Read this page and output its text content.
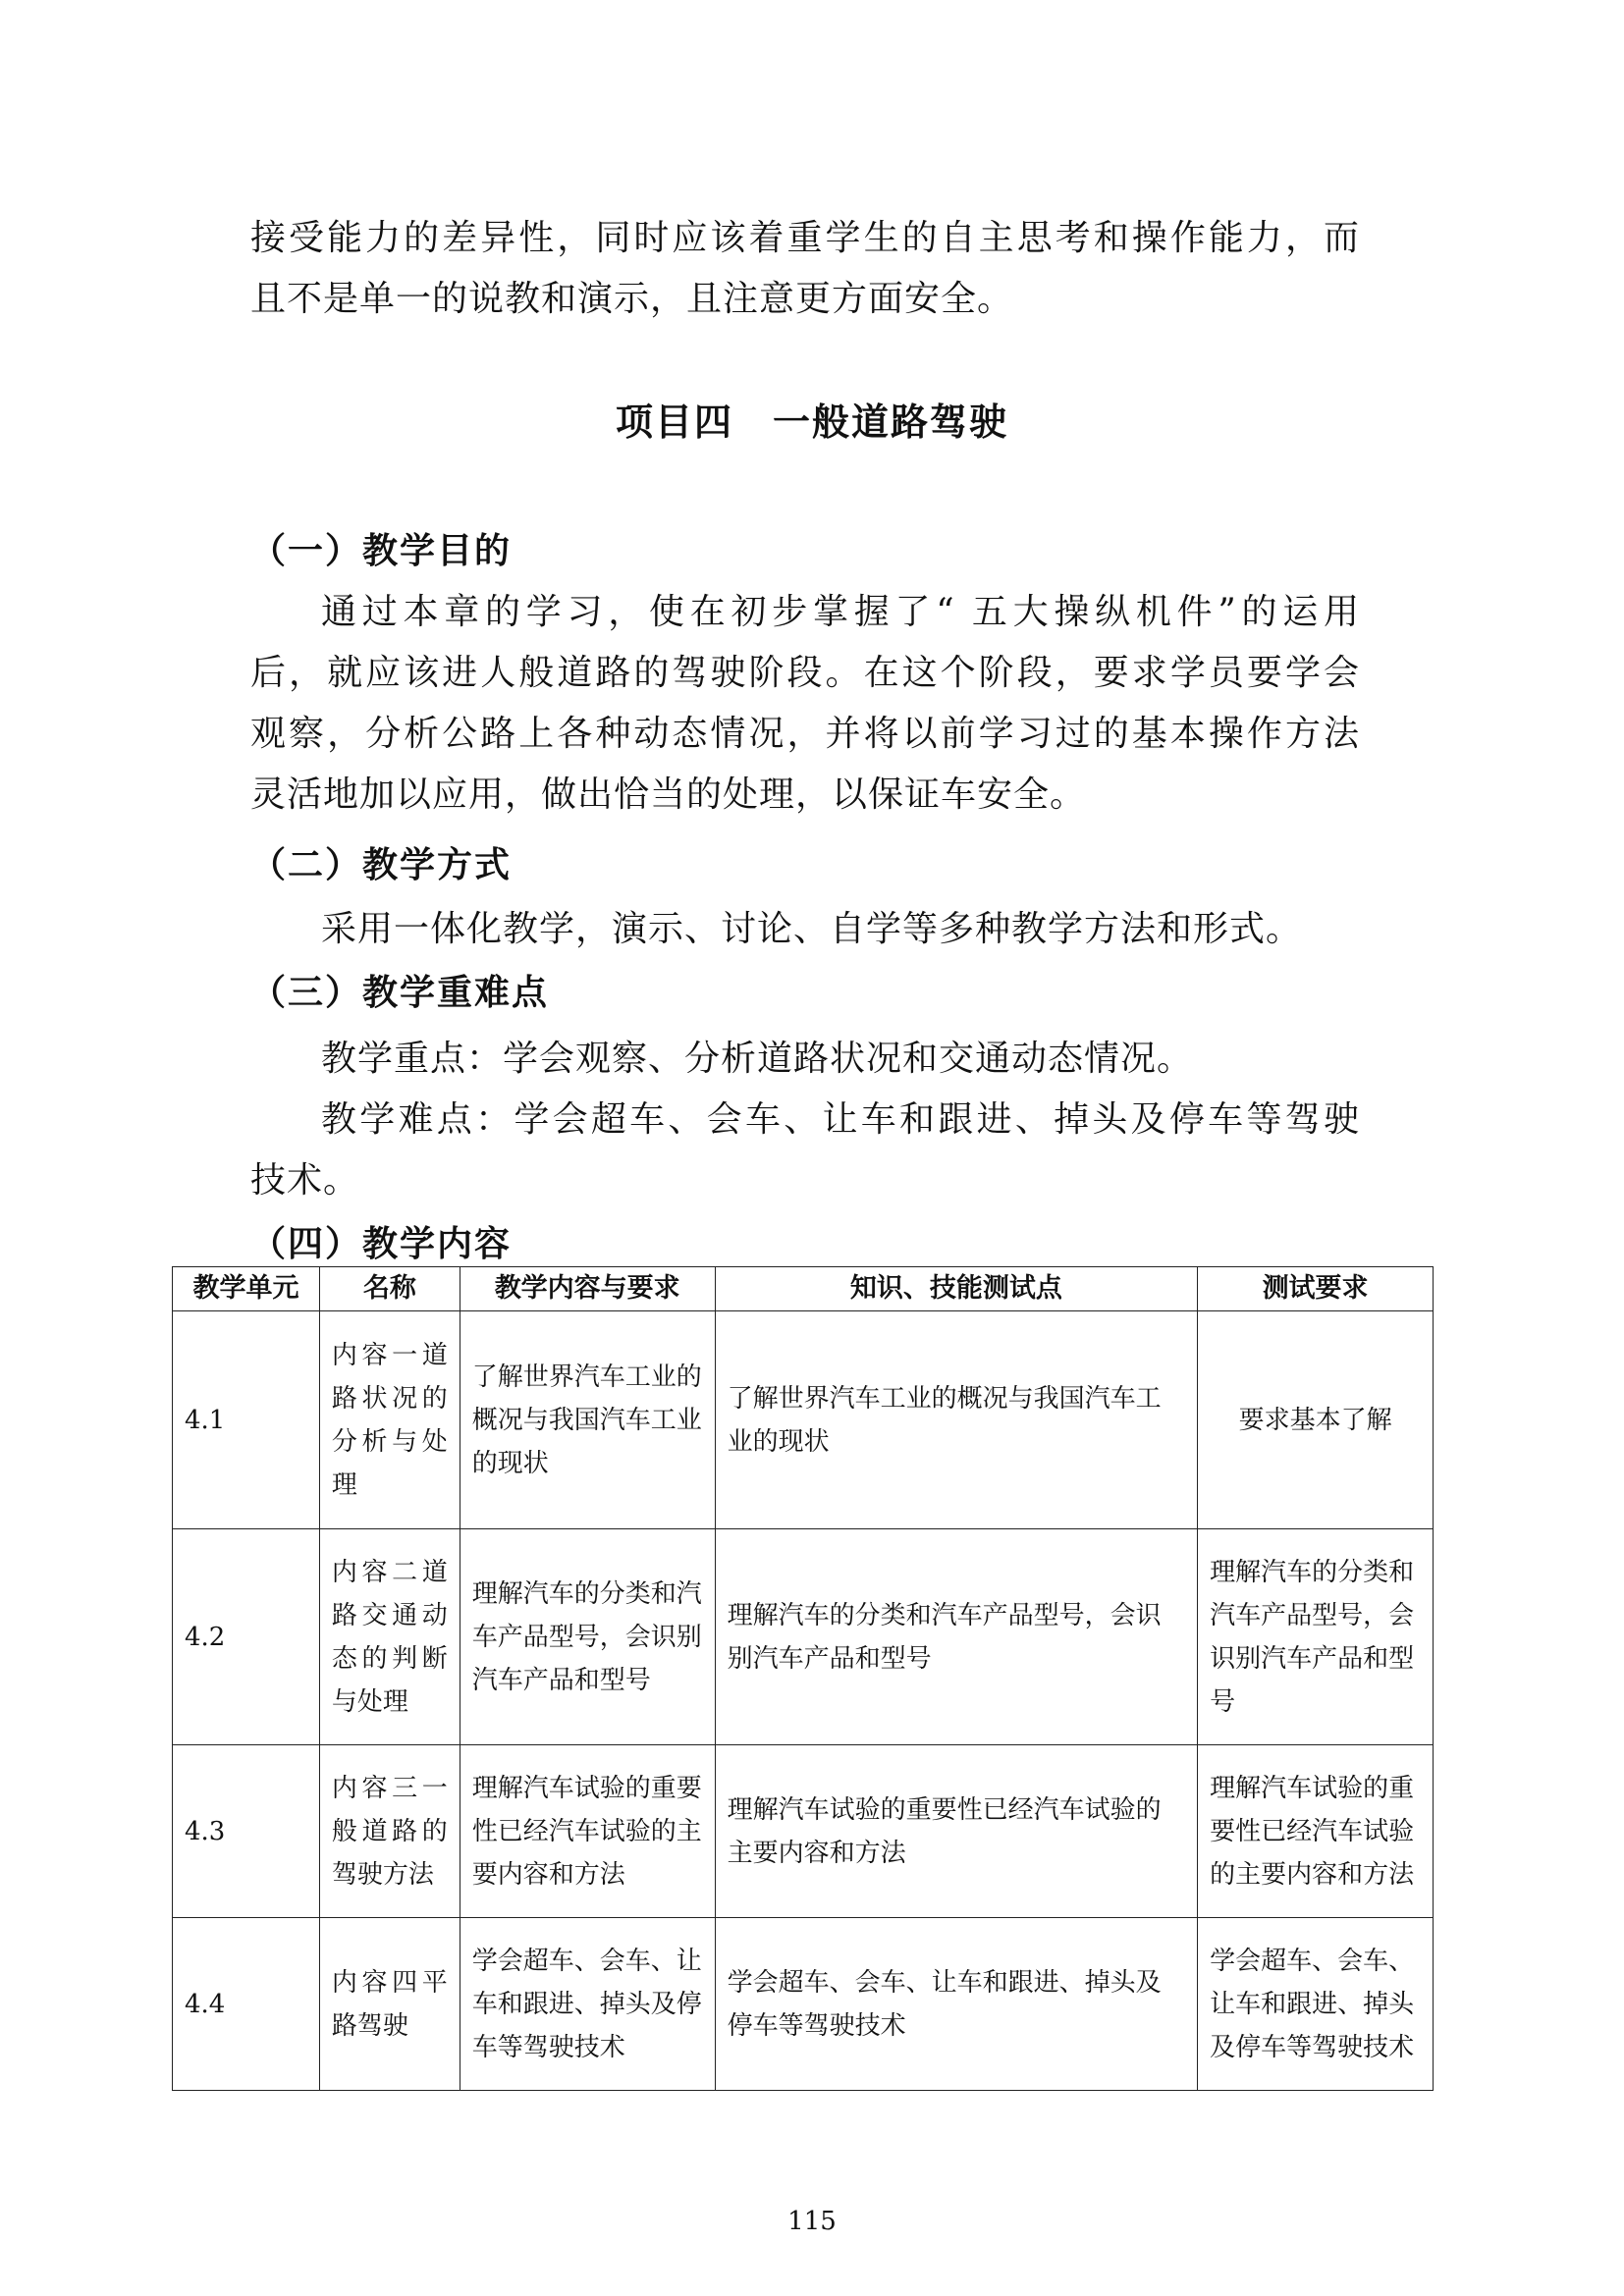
接受能力的差异性，同时应该着重学生的自主思考和操作能力，而

且不是单一的说教和演示，且注意更方面安全。

项目四　一般道路驾驶
（一）教学目的

通过本章的学习，使在初步掌握了“ 五大操纵机件”的运用

后，就应该进人般道路的驾驶阶段。在这个阶段，要求学员要学会

观察，分析公路上各种动态情况，并将以前学习过的基本操作方法

灵活地加以应用，做出恰当的处理，以保证车安全。

（二）教学方式

采用一体化教学，演示、讨论、自学等多种教学方法和形式。

（三）教学重难点

教学重点：学会观察、分析道路状况和交通动态情况。

教学难点：学会超车、会车、让车和跟进、掉头及停车等驾驶

技术。

（四）教学内容
教学单元	名称	教学内容与要求	知识、技能测试点	测试要求
4.1	内容一道路状况的分析与处理	了解世界汽车工业的概况与我国汽车工业的现状	了解世界汽车工业的概况与我国汽车工业的现状	要求基本了解
4.2	内容二道路交通动态的判断与处理	理解汽车的分类和汽车产品型号，会识别汽车产品和型号	理解汽车的分类和汽车产品型号，会识别汽车产品和型号	理解汽车的分类和汽车产品型号，会识别汽车产品和型号
4.3	内容三一般道路的驾驶方法	理解汽车试验的重要性已经汽车试验的主要内容和方法	理解汽车试验的重要性已经汽车试验的主要内容和方法	理解汽车试验的重要性已经汽车试验的主要内容和方法
4.4	内容四平路驾驶	学会超车、会车、让车和跟进、掉头及停车等驾驶技术	学会超车、会车、让车和跟进、掉头及停车等驾驶技术	学会超车、会车、让车和跟进、掉头及停车等驾驶技术

115
